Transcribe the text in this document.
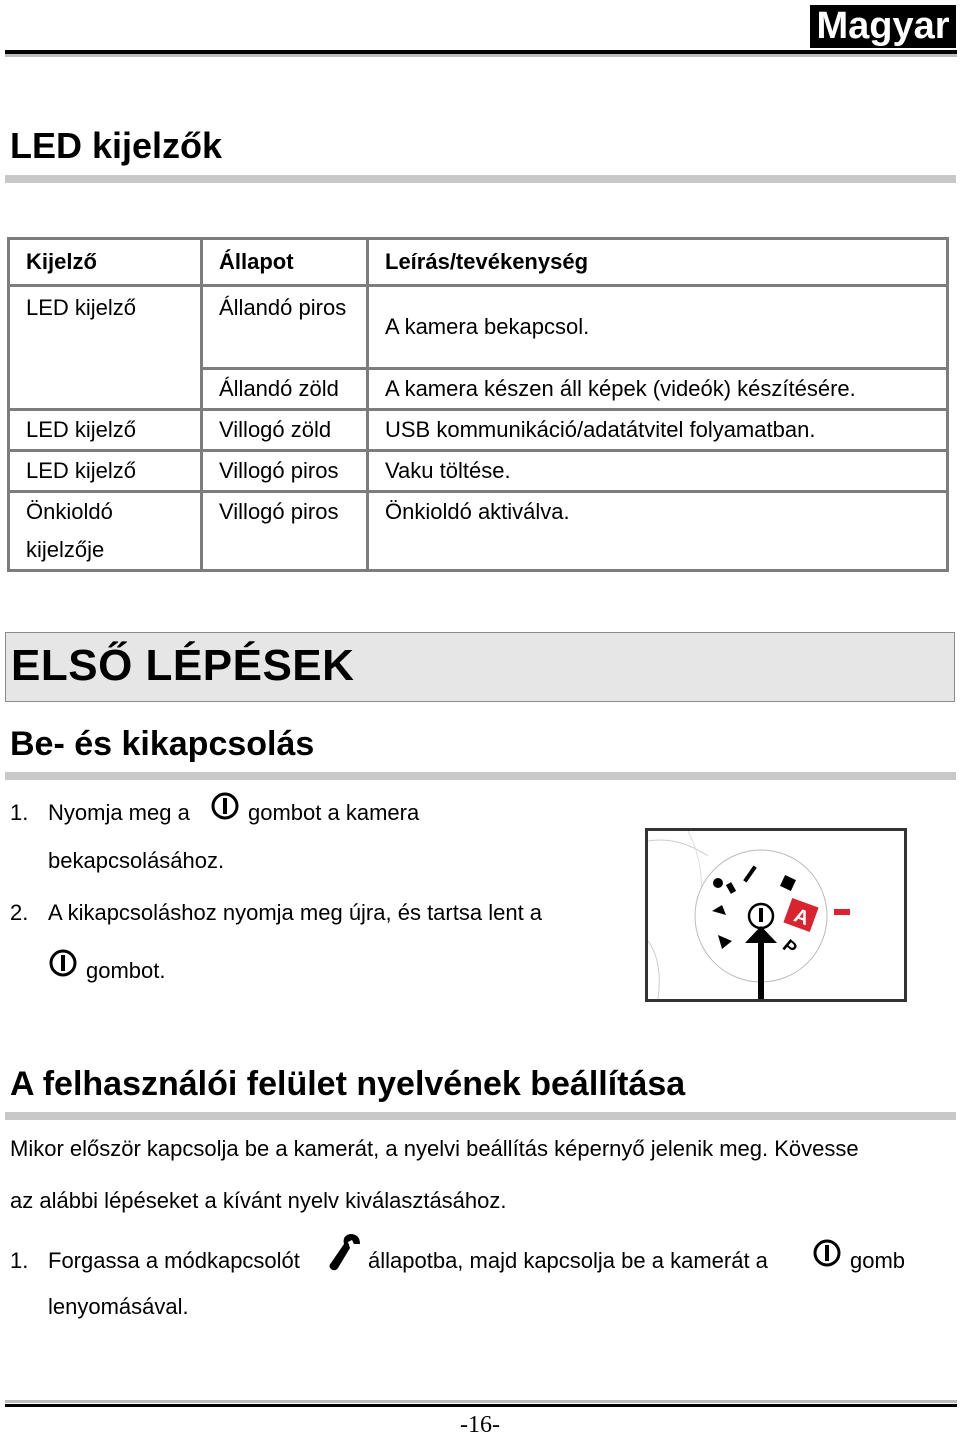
Magyar
LED kijelzők
Kijelző	Állapot	Leírás/tevékenység
LED kijelző	Állandó piros	A kamera bekapcsol.
	Állandó zöld	A kamera készen áll képek (videók) készítésére.
LED kijelző	Villogó zöld	USB kommunikáció/adatátvitel folyamatban.
LED kijelző	Villogó piros	Vaku töltése.
Önkioldó kijelzője	Villogó piros	Önkioldó aktiválva.
ELSŐ LÉPÉSEK
Be- és kikapcsolás
1. Nyomja meg a	gombot a kamera
bekapcsolásához.
2. A kikapcsoláshoz nyomja meg újra, és tartsa lent a
gombot.
A
P
A felhasználói felület nyelvének beállítása
Mikor először kapcsolja be a kamerát, a nyelvi beállítás képernyő jelenik meg. Kövesse
az alábbi lépéseket a kívánt nyelv kiválasztásához.
1. Forgassa a módkapcsolót	állapotba, majd kapcsolja be a kamerát a	gomb
lenyomásával.
-16-
